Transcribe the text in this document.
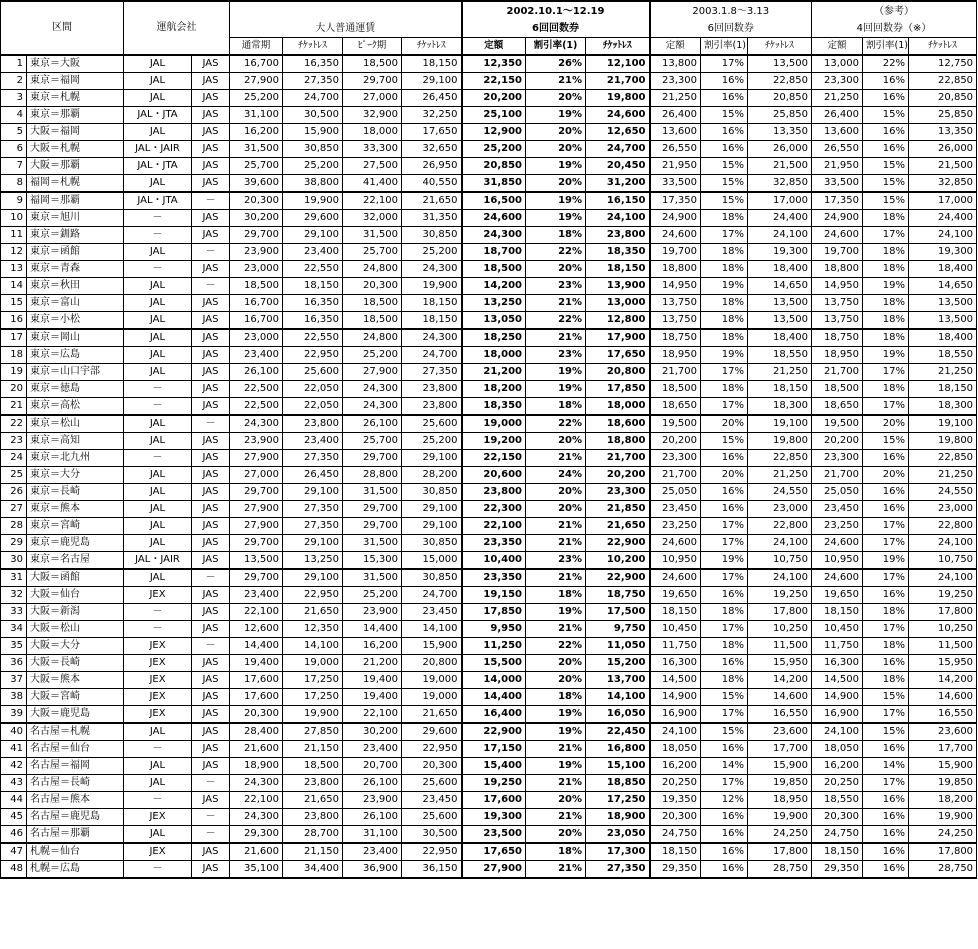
区間		運航会社		大人普通運賃				2002.10.1～12.19			2003.1.8～3.13			（参考）		
								6回回数券			6回回数券			4回回数券（※）		
				通常期	ﾁｹｯﾄﾚｽ	ﾋﾟｰｸ期	ﾁｹｯﾄﾚｽ	定額	割引率(1)	ﾁｹｯﾄﾚｽ	定額	割引率(1)	ﾁｹｯﾄﾚｽ	定額	割引率(1)	ﾁｹｯﾄﾚｽ
1	東京＝大阪	JAL	JAS	16,700	16,350	18,500	18,150	12,350	26%	12,100	13,800	17%	13,500	13,000	22%	12,750
2	東京＝福岡	JAL	JAS	27,900	27,350	29,700	29,100	22,150	21%	21,700	23,300	16%	22,850	23,300	16%	22,850
3	東京＝札幌	JAL	JAS	25,200	24,700	27,000	26,450	20,200	20%	19,800	21,250	16%	20,850	21,250	16%	20,850
4	東京＝那覇	JAL・JTA	JAS	31,100	30,500	32,900	32,250	25,100	19%	24,600	26,400	15%	25,850	26,400	15%	25,850
5	大阪＝福岡	JAL	JAS	16,200	15,900	18,000	17,650	12,900	20%	12,650	13,600	16%	13,350	13,600	16%	13,350
6	大阪＝札幌	JAL・JAIR	JAS	31,500	30,850	33,300	32,650	25,200	20%	24,700	26,550	16%	26,000	26,550	16%	26,000
7	大阪＝那覇	JAL・JTA	JAS	25,700	25,200	27,500	26,950	20,850	19%	20,450	21,950	15%	21,500	21,950	15%	21,500
8	福岡＝札幌	JAL	JAS	39,600	38,800	41,400	40,550	31,850	20%	31,200	33,500	15%	32,850	33,500	15%	32,850
9	福岡＝那覇	JAL・JTA	－	20,300	19,900	22,100	21,650	16,500	19%	16,150	17,350	15%	17,000	17,350	15%	17,000
10	東京＝旭川	－	JAS	30,200	29,600	32,000	31,350	24,600	19%	24,100	24,900	18%	24,400	24,900	18%	24,400
11	東京＝釧路	－	JAS	29,700	29,100	31,500	30,850	24,300	18%	23,800	24,600	17%	24,100	24,600	17%	24,100
12	東京＝函館	JAL	－	23,900	23,400	25,700	25,200	18,700	22%	18,350	19,700	18%	19,300	19,700	18%	19,300
13	東京＝青森	－	JAS	23,000	22,550	24,800	24,300	18,500	20%	18,150	18,800	18%	18,400	18,800	18%	18,400
14	東京＝秋田	JAL	－	18,500	18,150	20,300	19,900	14,200	23%	13,900	14,950	19%	14,650	14,950	19%	14,650
15	東京＝富山	JAL	JAS	16,700	16,350	18,500	18,150	13,250	21%	13,000	13,750	18%	13,500	13,750	18%	13,500
16	東京＝小松	JAL	JAS	16,700	16,350	18,500	18,150	13,050	22%	12,800	13,750	18%	13,500	13,750	18%	13,500
17	東京＝岡山	JAL	JAS	23,000	22,550	24,800	24,300	18,250	21%	17,900	18,750	18%	18,400	18,750	18%	18,400
18	東京＝広島	JAL	JAS	23,400	22,950	25,200	24,700	18,000	23%	17,650	18,950	19%	18,550	18,950	19%	18,550
19	東京＝山口宇部	JAL	JAS	26,100	25,600	27,900	27,350	21,200	19%	20,800	21,700	17%	21,250	21,700	17%	21,250
20	東京＝徳島	－	JAS	22,500	22,050	24,300	23,800	18,200	19%	17,850	18,500	18%	18,150	18,500	18%	18,150
21	東京＝高松	－	JAS	22,500	22,050	24,300	23,800	18,350	18%	18,000	18,650	17%	18,300	18,650	17%	18,300
22	東京＝松山	JAL	－	24,300	23,800	26,100	25,600	19,000	22%	18,600	19,500	20%	19,100	19,500	20%	19,100
23	東京＝高知	JAL	JAS	23,900	23,400	25,700	25,200	19,200	20%	18,800	20,200	15%	19,800	20,200	15%	19,800
24	東京＝北九州	－	JAS	27,900	27,350	29,700	29,100	22,150	21%	21,700	23,300	16%	22,850	23,300	16%	22,850
25	東京＝大分	JAL	JAS	27,000	26,450	28,800	28,200	20,600	24%	20,200	21,700	20%	21,250	21,700	20%	21,250
26	東京＝長崎	JAL	JAS	29,700	29,100	31,500	30,850	23,800	20%	23,300	25,050	16%	24,550	25,050	16%	24,550
27	東京＝熊本	JAL	JAS	27,900	27,350	29,700	29,100	22,300	20%	21,850	23,450	16%	23,000	23,450	16%	23,000
28	東京＝宮崎	JAL	JAS	27,900	27,350	29,700	29,100	22,100	21%	21,650	23,250	17%	22,800	23,250	17%	22,800
29	東京＝鹿児島	JAL	JAS	29,700	29,100	31,500	30,850	23,350	21%	22,900	24,600	17%	24,100	24,600	17%	24,100
30	東京＝名古屋	JAL・JAIR	JAS	13,500	13,250	15,300	15,000	10,400	23%	10,200	10,950	19%	10,750	10,950	19%	10,750
31	大阪＝函館	JAL	－	29,700	29,100	31,500	30,850	23,350	21%	22,900	24,600	17%	24,100	24,600	17%	24,100
32	大阪＝仙台	JEX	JAS	23,400	22,950	25,200	24,700	19,150	18%	18,750	19,650	16%	19,250	19,650	16%	19,250
33	大阪＝新潟	－	JAS	22,100	21,650	23,900	23,450	17,850	19%	17,500	18,150	18%	17,800	18,150	18%	17,800
34	大阪＝松山	－	JAS	12,600	12,350	14,400	14,100	9,950	21%	9,750	10,450	17%	10,250	10,450	17%	10,250
35	大阪＝大分	JEX	－	14,400	14,100	16,200	15,900	11,250	22%	11,050	11,750	18%	11,500	11,750	18%	11,500
36	大阪＝長崎	JEX	JAS	19,400	19,000	21,200	20,800	15,500	20%	15,200	16,300	16%	15,950	16,300	16%	15,950
37	大阪＝熊本	JEX	JAS	17,600	17,250	19,400	19,000	14,000	20%	13,700	14,500	18%	14,200	14,500	18%	14,200
38	大阪＝宮崎	JEX	JAS	17,600	17,250	19,400	19,000	14,400	18%	14,100	14,900	15%	14,600	14,900	15%	14,600
39	大阪＝鹿児島	JEX	JAS	20,300	19,900	22,100	21,650	16,400	19%	16,050	16,900	17%	16,550	16,900	17%	16,550
40	名古屋＝札幌	JAL	JAS	28,400	27,850	30,200	29,600	22,900	19%	22,450	24,100	15%	23,600	24,100	15%	23,600
41	名古屋＝仙台	－	JAS	21,600	21,150	23,400	22,950	17,150	21%	16,800	18,050	16%	17,700	18,050	16%	17,700
42	名古屋＝福岡	JAL	JAS	18,900	18,500	20,700	20,300	15,400	19%	15,100	16,200	14%	15,900	16,200	14%	15,900
43	名古屋＝長崎	JAL	－	24,300	23,800	26,100	25,600	19,250	21%	18,850	20,250	17%	19,850	20,250	17%	19,850
44	名古屋＝熊本	－	JAS	22,100	21,650	23,900	23,450	17,600	20%	17,250	19,350	12%	18,950	18,550	16%	18,200
45	名古屋＝鹿児島	JEX	－	24,300	23,800	26,100	25,600	19,300	21%	18,900	20,300	16%	19,900	20,300	16%	19,900
46	名古屋＝那覇	JAL	－	29,300	28,700	31,100	30,500	23,500	20%	23,050	24,750	16%	24,250	24,750	16%	24,250
47	札幌＝仙台	JEX	JAS	21,600	21,150	23,400	22,950	17,650	18%	17,300	18,150	16%	17,800	18,150	16%	17,800
48	札幌＝広島	－	JAS	35,100	34,400	36,900	36,150	27,900	21%	27,350	29,350	16%	28,750	29,350	16%	28,750
